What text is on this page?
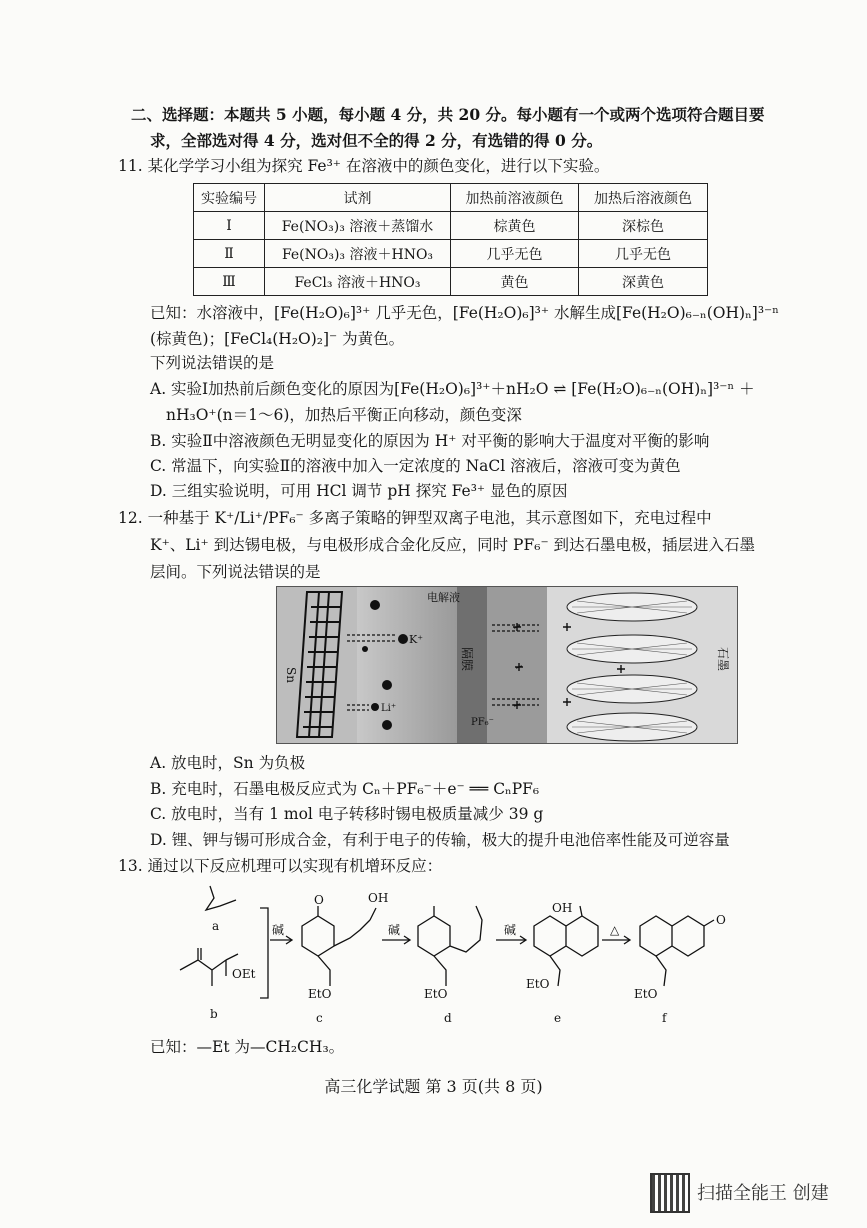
二、选择题：本题共 5 小题，每小题 4 分，共 20 分。每小题有一个或两个选项符合题目要
求，全部选对得 4 分，选对但不全的得 2 分，有选错的得 0 分。
11. 某化学学习小组为探究 Fe³⁺ 在溶液中的颜色变化，进行以下实验。
实验编号	试剂	加热前溶液颜色	加热后溶液颜色
Ⅰ	Fe(NO₃)₃ 溶液＋蒸馏水	棕黄色	深棕色
Ⅱ	Fe(NO₃)₃ 溶液＋HNO₃	几乎无色	几乎无色
Ⅲ	FeCl₃ 溶液＋HNO₃	黄色	深黄色
已知：水溶液中，[Fe(H₂O)₆]³⁺ 几乎无色，[Fe(H₂O)₆]³⁺ 水解生成[Fe(H₂O)₆₋ₙ(OH)ₙ]³⁻ⁿ
(棕黄色)；[FeCl₄(H₂O)₂]⁻ 为黄色。
下列说法错误的是
A. 实验Ⅰ加热前后颜色变化的原因为[Fe(H₂O)₆]³⁺＋nH₂O ⇌ [Fe(H₂O)₆₋ₙ(OH)ₙ]³⁻ⁿ ＋
nH₃O⁺(n＝1～6)，加热后平衡正向移动，颜色变深
B. 实验Ⅱ中溶液颜色无明显变化的原因为 H⁺ 对平衡的影响大于温度对平衡的影响
C. 常温下，向实验Ⅱ的溶液中加入一定浓度的 NaCl 溶液后，溶液可变为黄色
D. 三组实验说明，可用 HCl 调节 pH 探究 Fe³⁺ 显色的原因
12. 一种基于 K⁺/Li⁺/PF₆⁻ 多离子策略的钾型双离子电池，其示意图如下，充电过程中
K⁺、Li⁺ 到达锡电极，与电极形成合金化反应，同时 PF₆⁻ 到达石墨电极，插层进入石墨
层间。下列说法错误的是
电解液
K⁺
Li⁺
PF₆⁻
Sn
隔膜	石墨
A. 放电时，Sn 为负极
B. 充电时，石墨电极反应式为 Cₙ＋PF₆⁻＋e⁻ ══ CₙPF₆
C. 放电时，当有 1 mol 电子转移时锡电极质量减少 39 g
D. 锂、钾与锡可形成合金，有利于电子的传输，极大的提升电池倍率性能及可逆容量
13. 通过以下反应机理可以实现有机增环反应：
a
b	c	d	e	f
碱	碱	碱	△
OH
OH
O
O
OEt
EtO	EtO
EtO
EtO
已知：—Et 为—CH₂CH₃。
高三化学试题 第 3 页(共 8 页)
扫描全能王 创建
